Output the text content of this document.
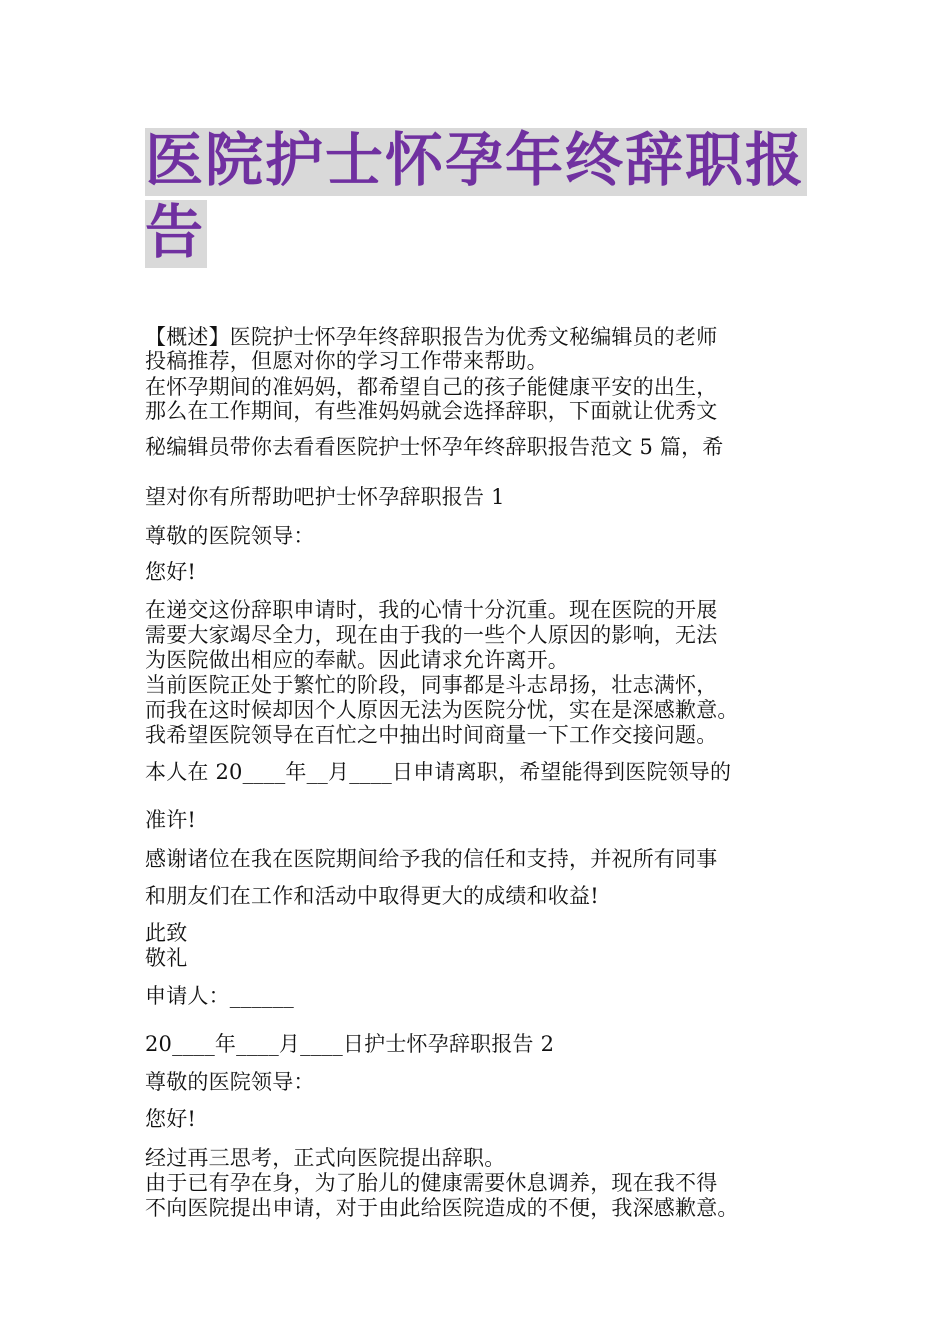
医院护士怀孕年终辞职报
告
【概述】医院护士怀孕年终辞职报告为优秀文秘编辑员的老师
投稿推荐，但愿对你的学习工作带来帮助。
在怀孕期间的准妈妈，都希望自己的孩子能健康平安的出生，
那么在工作期间，有些准妈妈就会选择辞职，下面就让优秀文
秘编辑员带你去看看医院护士怀孕年终辞职报告范文 5 篇，希
望对你有所帮助吧护士怀孕辞职报告 1
尊敬的医院领导：
您好!
在递交这份辞职申请时，我的心情十分沉重。现在医院的开展
需要大家竭尽全力，现在由于我的一些个人原因的影响，无法
为医院做出相应的奉献。因此请求允许离开。
当前医院正处于繁忙的阶段，同事都是斗志昂扬，壮志满怀，
而我在这时候却因个人原因无法为医院分忧，实在是深感歉意。
我希望医院领导在百忙之中抽出时间商量一下工作交接问题。
本人在 20____年__月____日申请离职，希望能得到医院领导的
准许!
感谢诸位在我在医院期间给予我的信任和支持，并祝所有同事
和朋友们在工作和活动中取得更大的成绩和收益!
此致
敬礼
申请人：______
20____年____月____日护士怀孕辞职报告 2
尊敬的医院领导：
您好!
经过再三思考，正式向医院提出辞职。
由于已有孕在身，为了胎儿的健康需要休息调养，现在我不得
不向医院提出申请，对于由此给医院造成的不便，我深感歉意。
